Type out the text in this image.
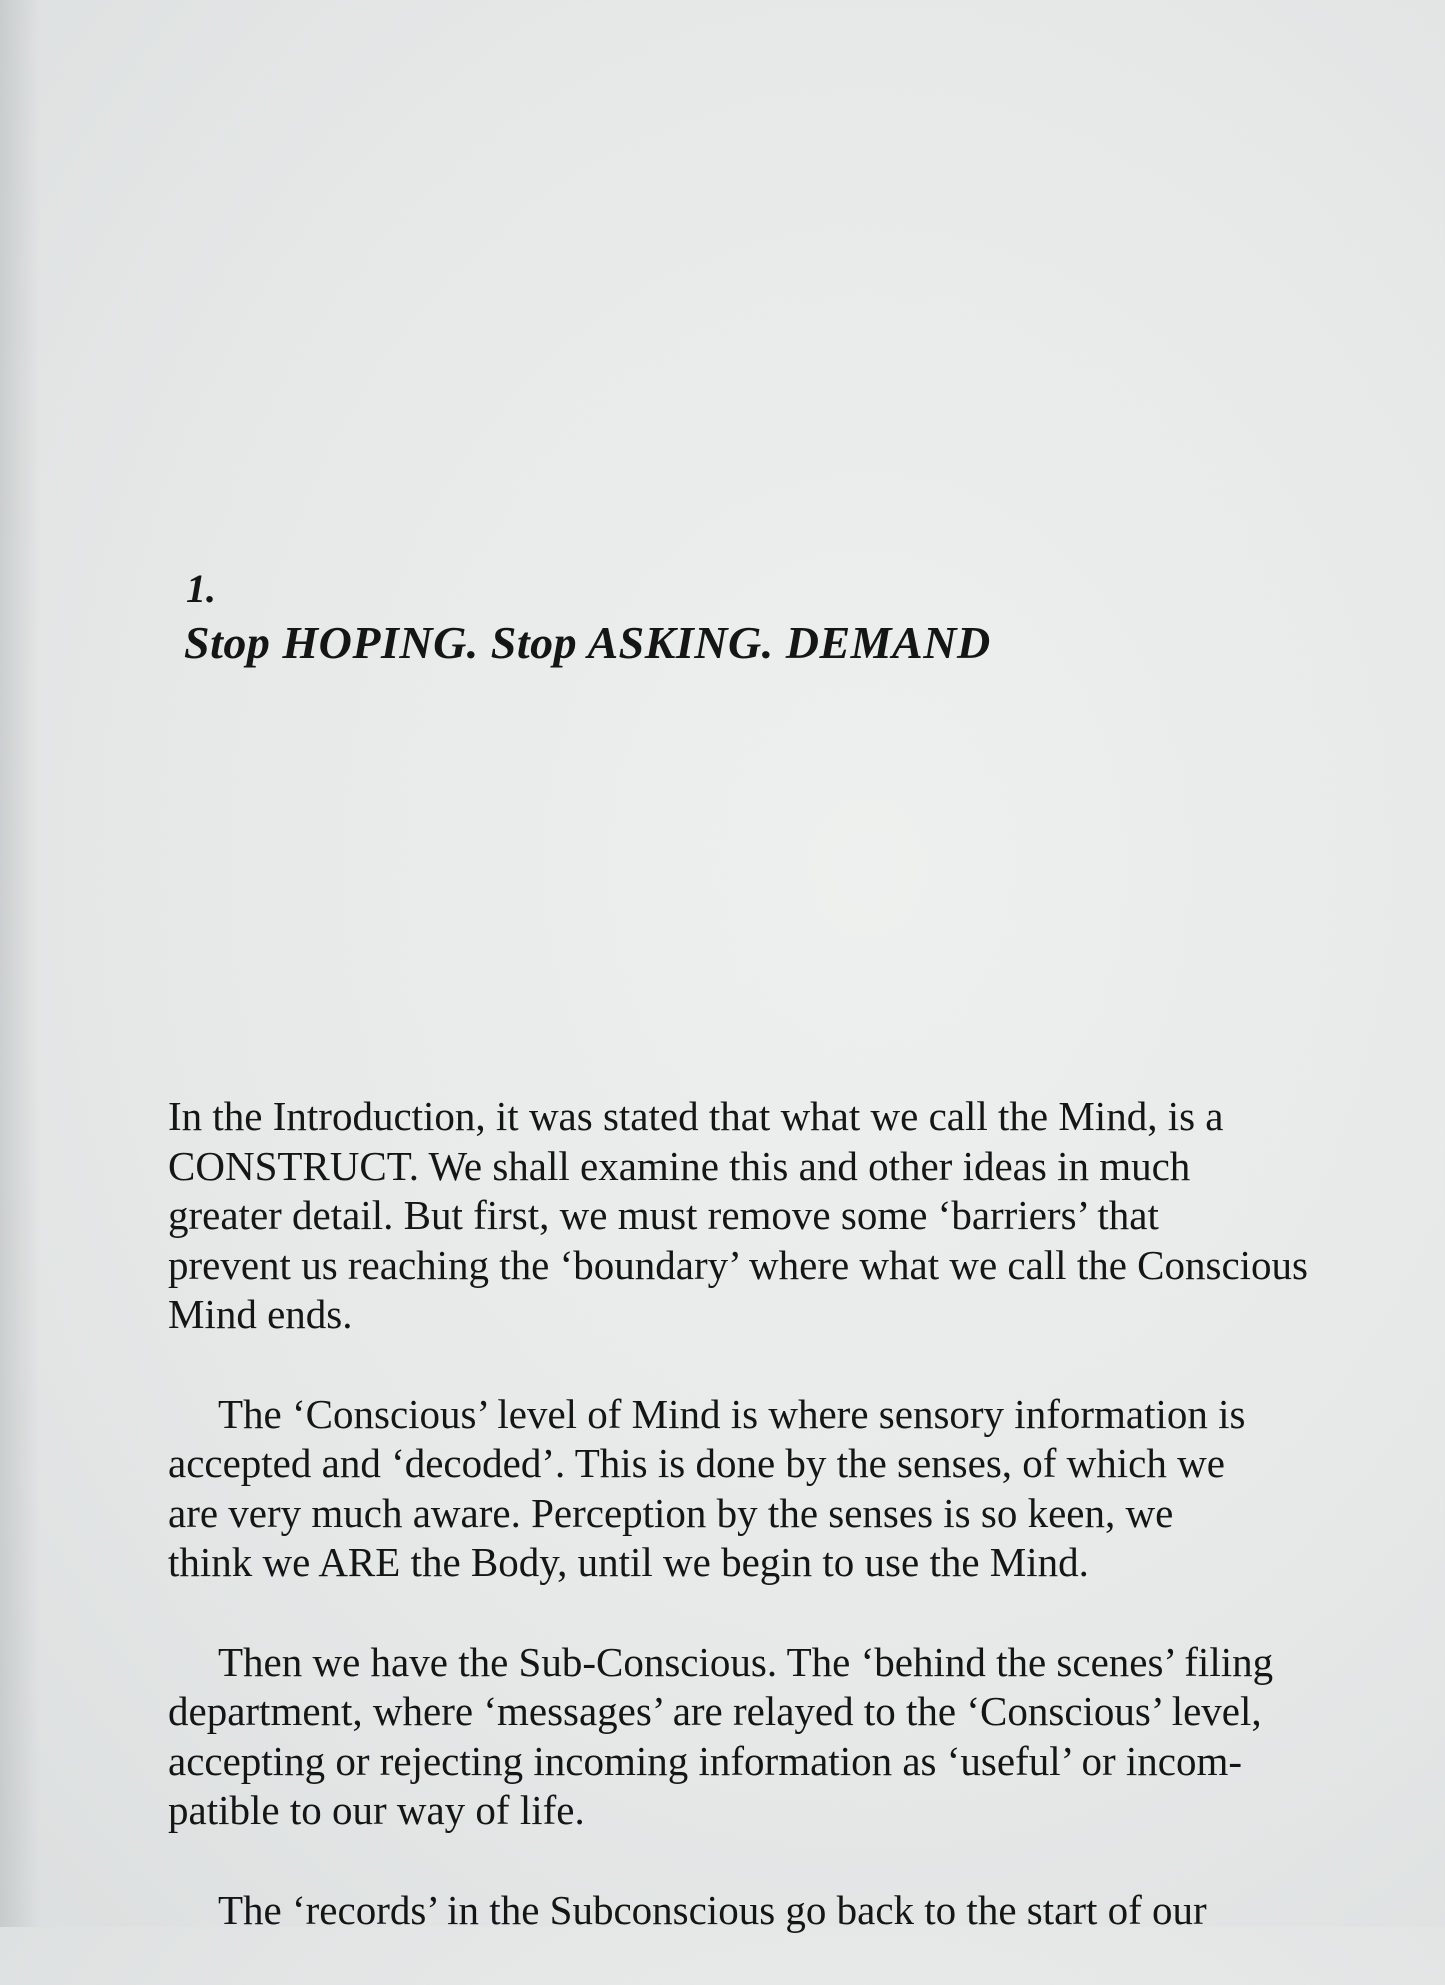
1.
Stop HOPING. Stop ASKING. DEMAND

In the Introduction, it was stated that what we call the Mind, is a
CONSTRUCT. We shall examine this and other ideas in much
greater detail. But first, we must remove some ‘barriers’ that
prevent us reaching the ‘boundary’ where what we call the Conscious
Mind ends.

The ‘Conscious’ level of Mind is where sensory information is
accepted and ‘decoded’. This is done by the senses, of which we
are very much aware. Perception by the senses is so keen, we
think we ARE the Body, until we begin to use the Mind.

Then we have the Sub-Conscious. The ‘behind the scenes’ filing
department, where ‘messages’ are relayed to the ‘Conscious’ level,
accepting or rejecting incoming information as ‘useful’ or incom-
patible to our way of life.

The ‘records’ in the Subconscious go back to the start of our
